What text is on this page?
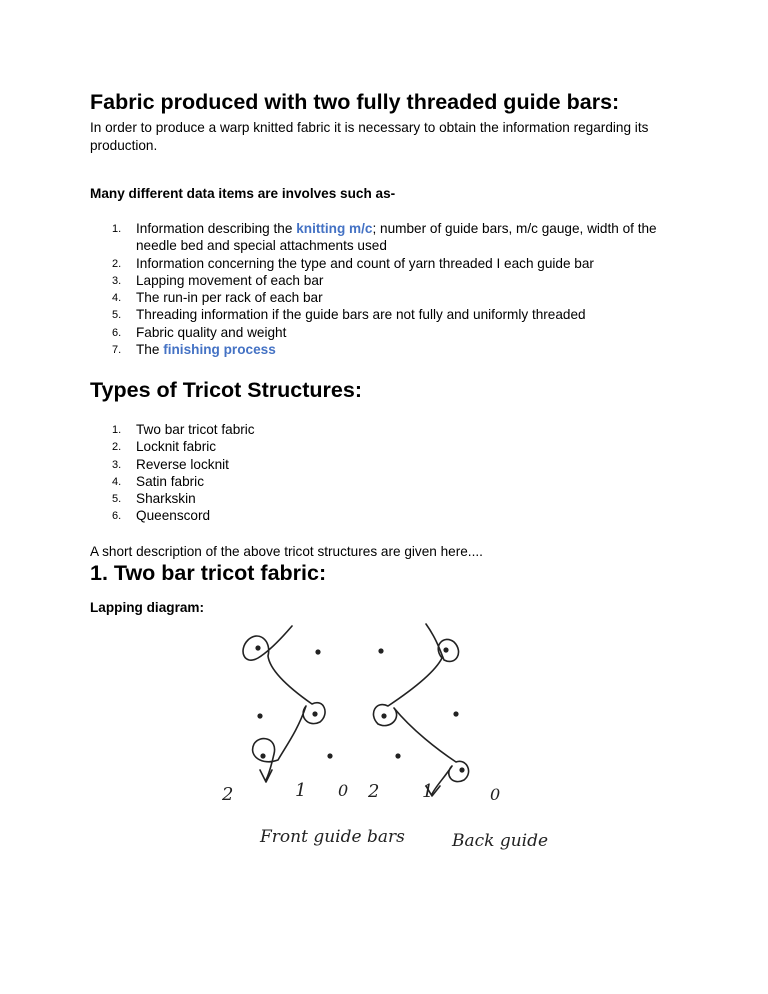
Fabric produced with two fully threaded guide bars:

In order to produce a warp knitted fabric it is necessary to obtain the information regarding its production.

Many different data items are involves such as-

1. Information describing the knitting m/c; number of guide bars, m/c gauge, width of the needle bed and special attachments used
2. Information concerning the type and count of yarn threaded I each guide bar
3. Lapping movement of each bar
4. The run-in per rack of each bar
5. Threading information if the guide bars are not fully and uniformly threaded
6. Fabric quality and weight
7. The finishing process
Types of Tricot Structures:
1. Two bar tricot fabric
2. Locknit fabric
3. Reverse locknit
4. Satin fabric
5. Sharkskin
6. Queenscord

A short description of the above tricot structures are given here....

1. Two bar tricot fabric:

Lapping diagram:

2	1 0 2 1	0
Front guide bars	Back guide
